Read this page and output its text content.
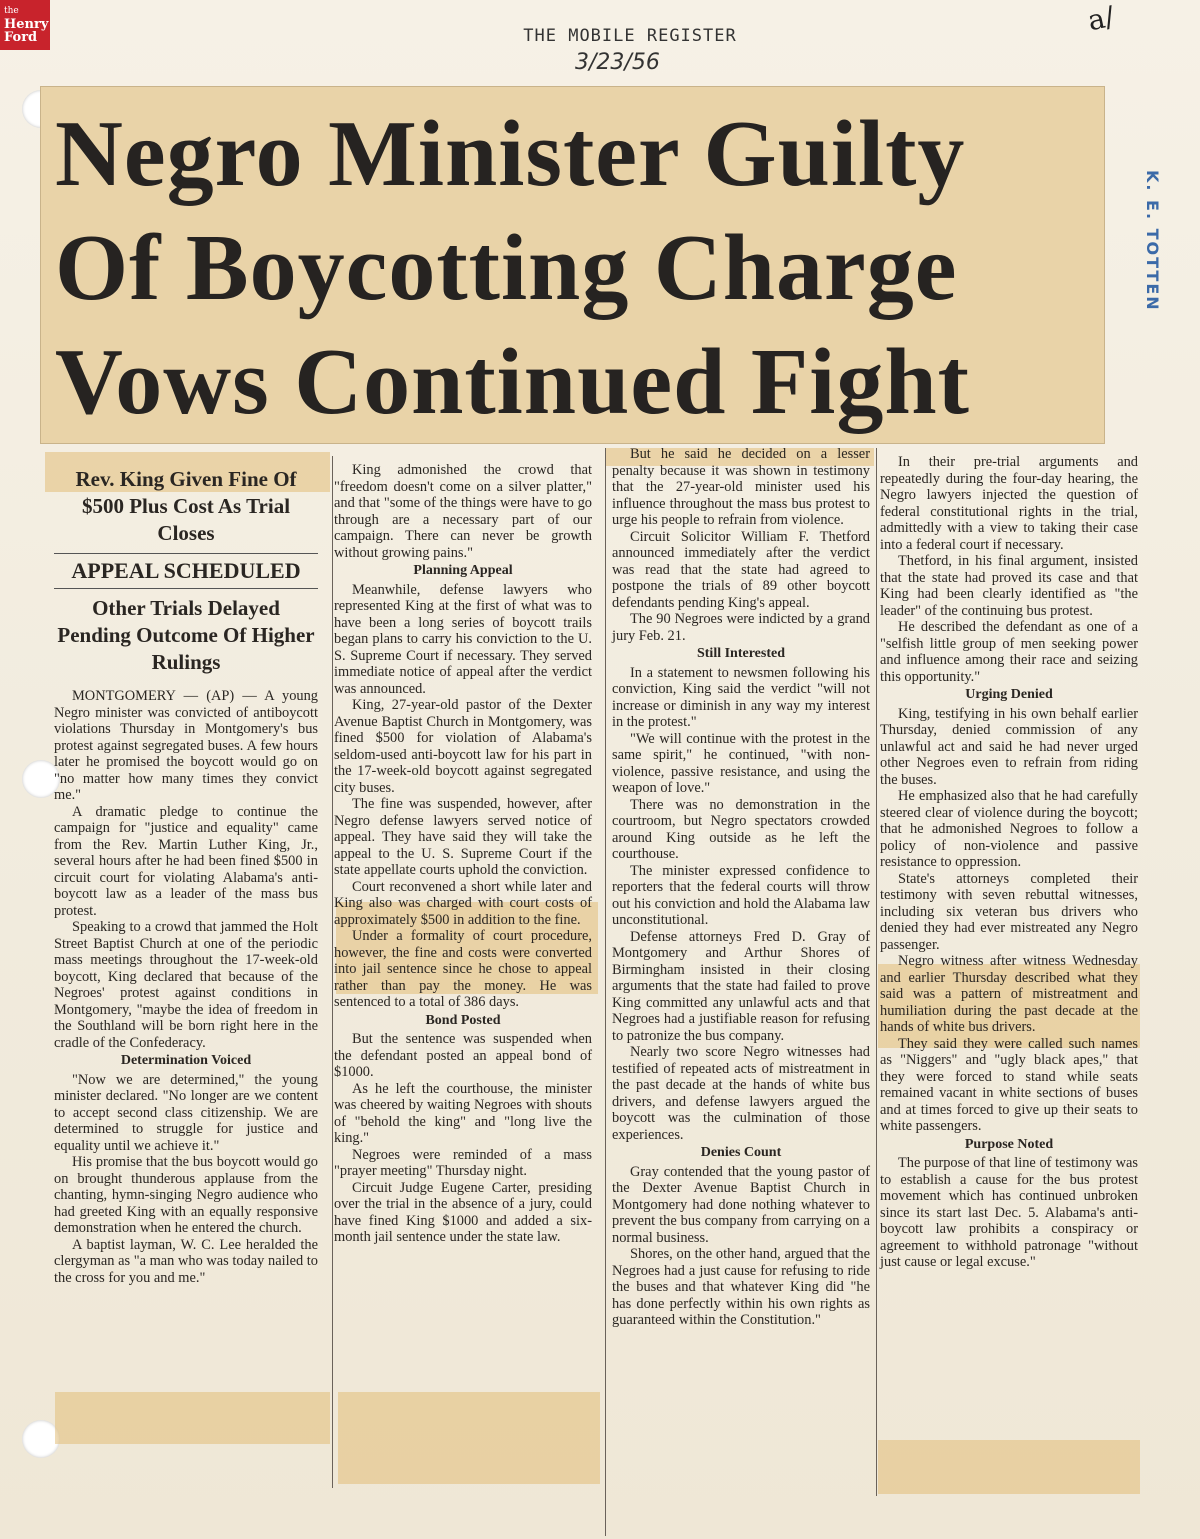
the
Henry
Ford
a/
THE MOBILE REGISTER
3/23/56
K. E. TOTTEN
Negro Minister Guilty
Of Boycotting Charge
Vows Continued Fight
Rev. King Given Fine Of $500 Plus Cost As Trial Closes
APPEAL SCHEDULED
Other Trials Delayed Pending Outcome Of Higher Rulings

MONTGOMERY — (AP) — A young Negro minister was convicted of antiboycott violations Thursday in Montgomery's bus protest against segregated buses. A few hours later he promised the boycott would go on "no matter how many times they convict me."

A dramatic pledge to continue the campaign for "justice and equality" came from the Rev. Martin Luther King, Jr., several hours after he had been fined $500 in circuit court for violating Alabama's anti-boycott law as a leader of the mass bus protest.

Speaking to a crowd that jammed the Holt Street Baptist Church at one of the periodic mass meetings throughout the 17-week-old boycott, King declared that because of the Negroes' protest against conditions in Montgomery, "maybe the idea of freedom in the Southland will be born right here in the cradle of the Confederacy.

Determination Voiced

"Now we are determined," the young minister declared. "No longer are we content to accept second class citizenship. We are determined to struggle for justice and equality until we achieve it."

His promise that the bus boycott would go on brought thunderous applause from the chanting, hymn-singing Negro audience who had greeted King with an equally responsive demonstration when he entered the church.

A baptist layman, W. C. Lee heralded the clergyman as "a man who was today nailed to the cross for you and me."

King admonished the crowd that "freedom doesn't come on a silver platter," and that "some of the things were have to go through are a necessary part of our campaign. There can never be growth without growing pains."

Planning Appeal

Meanwhile, defense lawyers who represented King at the first of what was to have been a long series of boycott trails began plans to carry his conviction to the U. S. Supreme Court if necessary. They served immediate notice of appeal after the verdict was announced.

King, 27-year-old pastor of the Dexter Avenue Baptist Church in Montgomery, was fined $500 for violation of Alabama's seldom-used anti-boycott law for his part in the 17-week-old boycott against segregated city buses.

The fine was suspended, however, after Negro defense lawyers served notice of appeal. They have said they will take the appeal to the U. S. Supreme Court if the state appellate courts uphold the conviction.

Court reconvened a short while later and King also was charged with court costs of approximately $500 in addition to the fine.

Under a formality of court procedure, however, the fine and costs were converted into jail sentence since he chose to appeal rather than pay the money. He was sentenced to a total of 386 days.

Bond Posted

But the sentence was suspended when the defendant posted an appeal bond of $1000.

As he left the courthouse, the minister was cheered by waiting Negroes with shouts of "behold the king" and "long live the king."

Negroes were reminded of a mass "prayer meeting" Thursday night.

Circuit Judge Eugene Carter, presiding over the trial in the absence of a jury, could have fined King $1000 and added a six-month jail sentence under the state law.

But he said he decided on a lesser penalty because it was shown in testimony that the 27-year-old minister used his influence throughout the mass bus protest to urge his people to refrain from violence.

Circuit Solicitor William F. Thetford announced immediately after the verdict was read that the state had agreed to postpone the trials of 89 other boycott defendants pending King's appeal.

The 90 Negroes were indicted by a grand jury Feb. 21.

Still Interested

In a statement to newsmen following his conviction, King said the verdict "will not increase or diminish in any way my interest in the protest."

"We will continue with the protest in the same spirit," he continued, "with non-violence, passive resistance, and using the weapon of love."

There was no demonstration in the courtroom, but Negro spectators crowded around King outside as he left the courthouse.

The minister expressed confidence to reporters that the federal courts will throw out his conviction and hold the Alabama law unconstitutional.

Defense attorneys Fred D. Gray of Montgomery and Arthur Shores of Birmingham insisted in their closing arguments that the state had failed to prove King committed any unlawful acts and that Negroes had a justifiable reason for refusing to patronize the bus company.

Nearly two score Negro witnesses had testified of repeated acts of mistreatment in the past decade at the hands of white bus drivers, and defense lawyers argued the boycott was the culmination of those experiences.

Denies Count

Gray contended that the young pastor of the Dexter Avenue Baptist Church in Montgomery had done nothing whatever to prevent the bus company from carrying on a normal business.

Shores, on the other hand, argued that the Negroes had a just cause for refusing to ride the buses and that whatever King did "he has done perfectly within his own rights as guaranteed within the Constitution."

In their pre-trial arguments and repeatedly during the four-day hearing, the Negro lawyers injected the question of federal constitutional rights in the trial, admittedly with a view to taking their case into a federal court if necessary.

Thetford, in his final argument, insisted that the state had proved its case and that King had been clearly identified as "the leader" of the continuing bus protest.

He described the defendant as one of a "selfish little group of men seeking power and influence among their race and seizing this opportunity."

Urging Denied

King, testifying in his own behalf earlier Thursday, denied commission of any unlawful act and said he had never urged other Negroes even to refrain from riding the buses.

He emphasized also that he had carefully steered clear of violence during the boycott; that he admonished Negroes to follow a policy of non-violence and passive resistance to oppression.

State's attorneys completed their testimony with seven rebuttal witnesses, including six veteran bus drivers who denied they had ever mistreated any Negro passenger.

Negro witness after witness Wednesday and earlier Thursday described what they said was a pattern of mistreatment and humiliation during the past decade at the hands of white bus drivers.

They said they were called such names as "Niggers" and "ugly black apes," that they were forced to stand while seats remained vacant in white sections of buses and at times forced to give up their seats to white passengers.

Purpose Noted

The purpose of that line of testimony was to establish a cause for the bus protest movement which has continued unbroken since its start last Dec. 5. Alabama's anti-boycott law prohibits a conspiracy or agreement to withhold patronage "without just cause or legal excuse."
